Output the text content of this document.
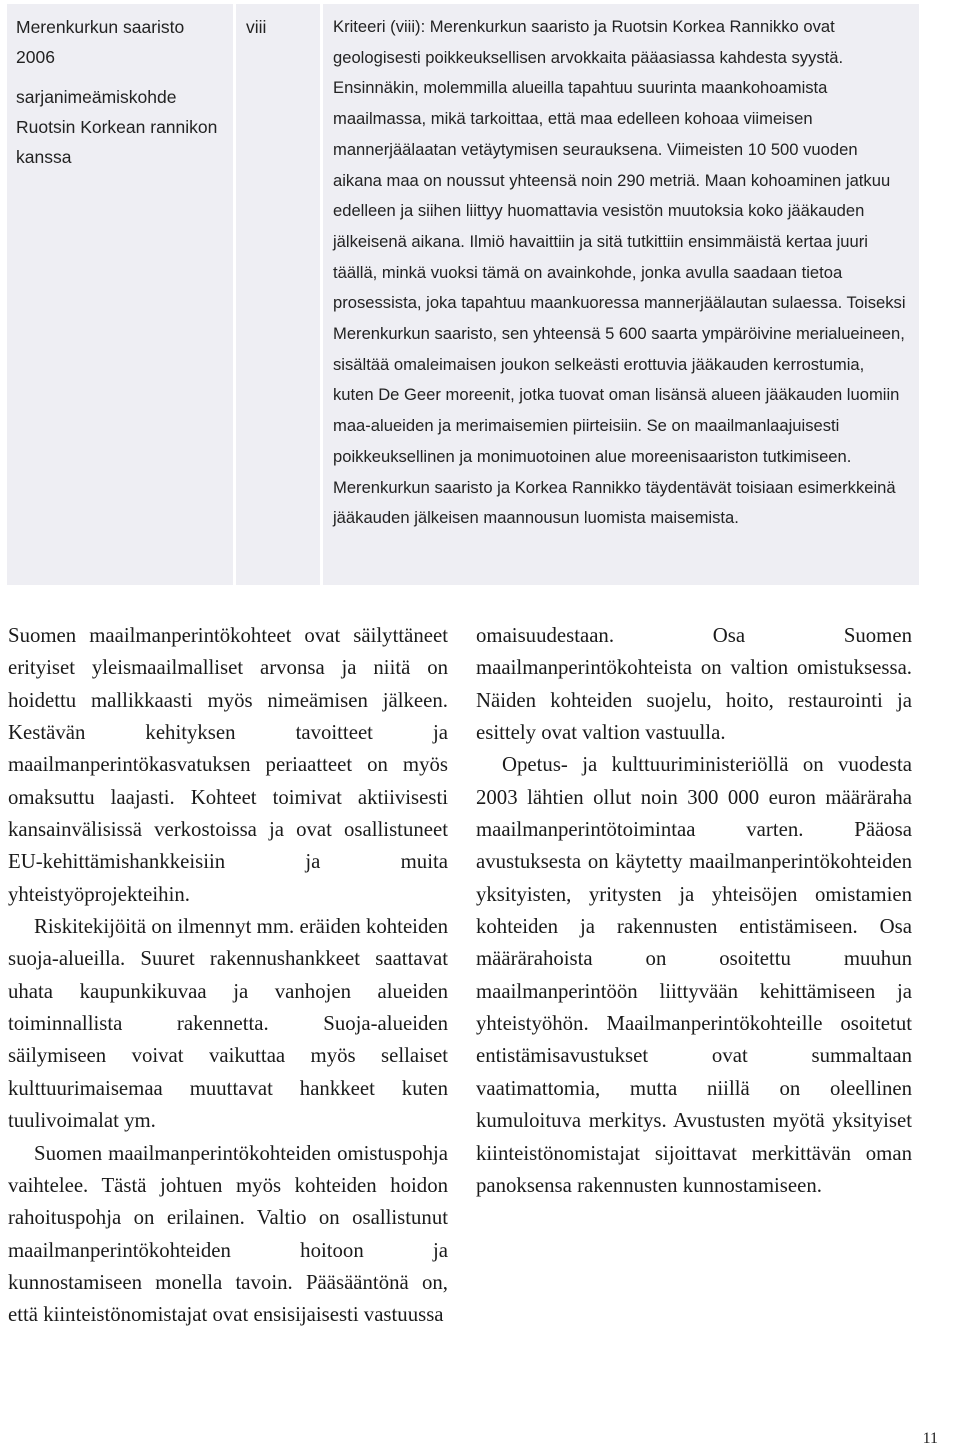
Merenkurkun saaristo 2006

sarjanimeämiskohde Ruotsin Korkean rannikon kanssa

viii	Kriteeri (viii): Merenkurkun saaristo ja Ruotsin Korkea Rannikko ovat geologisesti poikkeuksellisen arvokkaita pääasiassa kahdesta syystä. Ensinnäkin, molemmilla alueilla tapahtuu suurinta maankohoamista maailmassa, mikä tarkoittaa, että maa edelleen kohoaa viimeisen mannerjäälaatan vetäytymisen seurauksena. Viimeisten 10 500 vuoden aikana maa on noussut yhteensä noin 290 metriä. Maan kohoaminen jatkuu edelleen ja siihen liittyy huomattavia vesistön muutoksia koko jääkauden jälkeisenä aikana. Ilmiö havaittiin ja sitä tutkittiin ensimmäistä kertaa juuri täällä, minkä vuoksi tämä on avainkohde, jonka avulla saadaan tietoa prosessista, joka tapahtuu maankuoressa mannerjäälautan sulaessa. Toiseksi Merenkurkun saaristo, sen yhteensä 5 600 saarta ympäröivine merialueineen, sisältää omaleimaisen joukon selkeästi erottuvia jääkauden kerrostumia, kuten De Geer moreenit, jotka tuovat oman lisänsä alueen jääkauden luomiin maa-alueiden ja merimaisemien piirteisiin. Se on maailmanlaajuisesti poikkeuksellinen ja monimuotoinen alue moreenisaariston tutkimiseen. Merenkurkun saaristo ja Korkea Rannikko täydentävät toisiaan esimerkkeinä jääkauden jälkeisen maannousun luomista maisemista.

Suomen maailmanperintökohteet ovat säilyttäneet erityiset yleismaailmalliset arvonsa ja niitä on hoidettu mallikkaasti myös nimeämisen jälkeen. Kestävän kehityksen tavoitteet ja maailmanperintökasvatuksen periaatteet on myös omaksuttu laajasti. Kohteet toimivat aktiivisesti kansainvälisissä verkostoissa ja ovat osallistuneet EU-kehittämishankkeisiin ja muita yhteistyöprojekteihin.

Riskitekijöitä on ilmennyt mm. eräiden kohteiden suoja-alueilla. Suuret rakennushankkeet saattavat uhata kaupunkikuvaa ja vanhojen alueiden toiminnallista rakennetta. Suoja-alueiden säilymiseen voivat vaikuttaa myös sellaiset kulttuurimaisemaa muuttavat hankkeet kuten tuulivoimalat ym.

Suomen maailmanperintökohteiden omistuspohja vaihtelee. Tästä johtuen myös kohteiden hoidon rahoituspohja on erilainen. Valtio on osallistunut maailmanperintökohteiden hoitoon ja kunnostamiseen monella tavoin. Pääsääntönä on, että kiinteistönomistajat ovat ensisijaisesti vastuussa

omaisuudestaan. Osa Suomen maailmanperintökohteista on valtion omistuksessa. Näiden kohteiden suojelu, hoito, restaurointi ja esittely ovat valtion vastuulla.

Opetus- ja kulttuuriministeriöllä on vuodesta 2003 lähtien ollut noin 300 000 euron määräraha maailmanperintötoimintaa varten. Pääosa avustuksesta on käytetty maailmanperintökohteiden yksityisten, yritysten ja yhteisöjen omistamien kohteiden ja rakennusten entistämiseen. Osa määrärahoista on osoitettu muuhun maailmanperintöön liittyvään kehittämiseen ja yhteistyöhön. Maailmanperintökohteille osoitetut entistämisavustukset ovat summaltaan vaatimattomia, mutta niillä on oleellinen kumuloituva merkitys. Avustusten myötä yksityiset kiinteistönomistajat sijoittavat merkittävän oman panoksensa rakennusten kunnostamiseen.

11
